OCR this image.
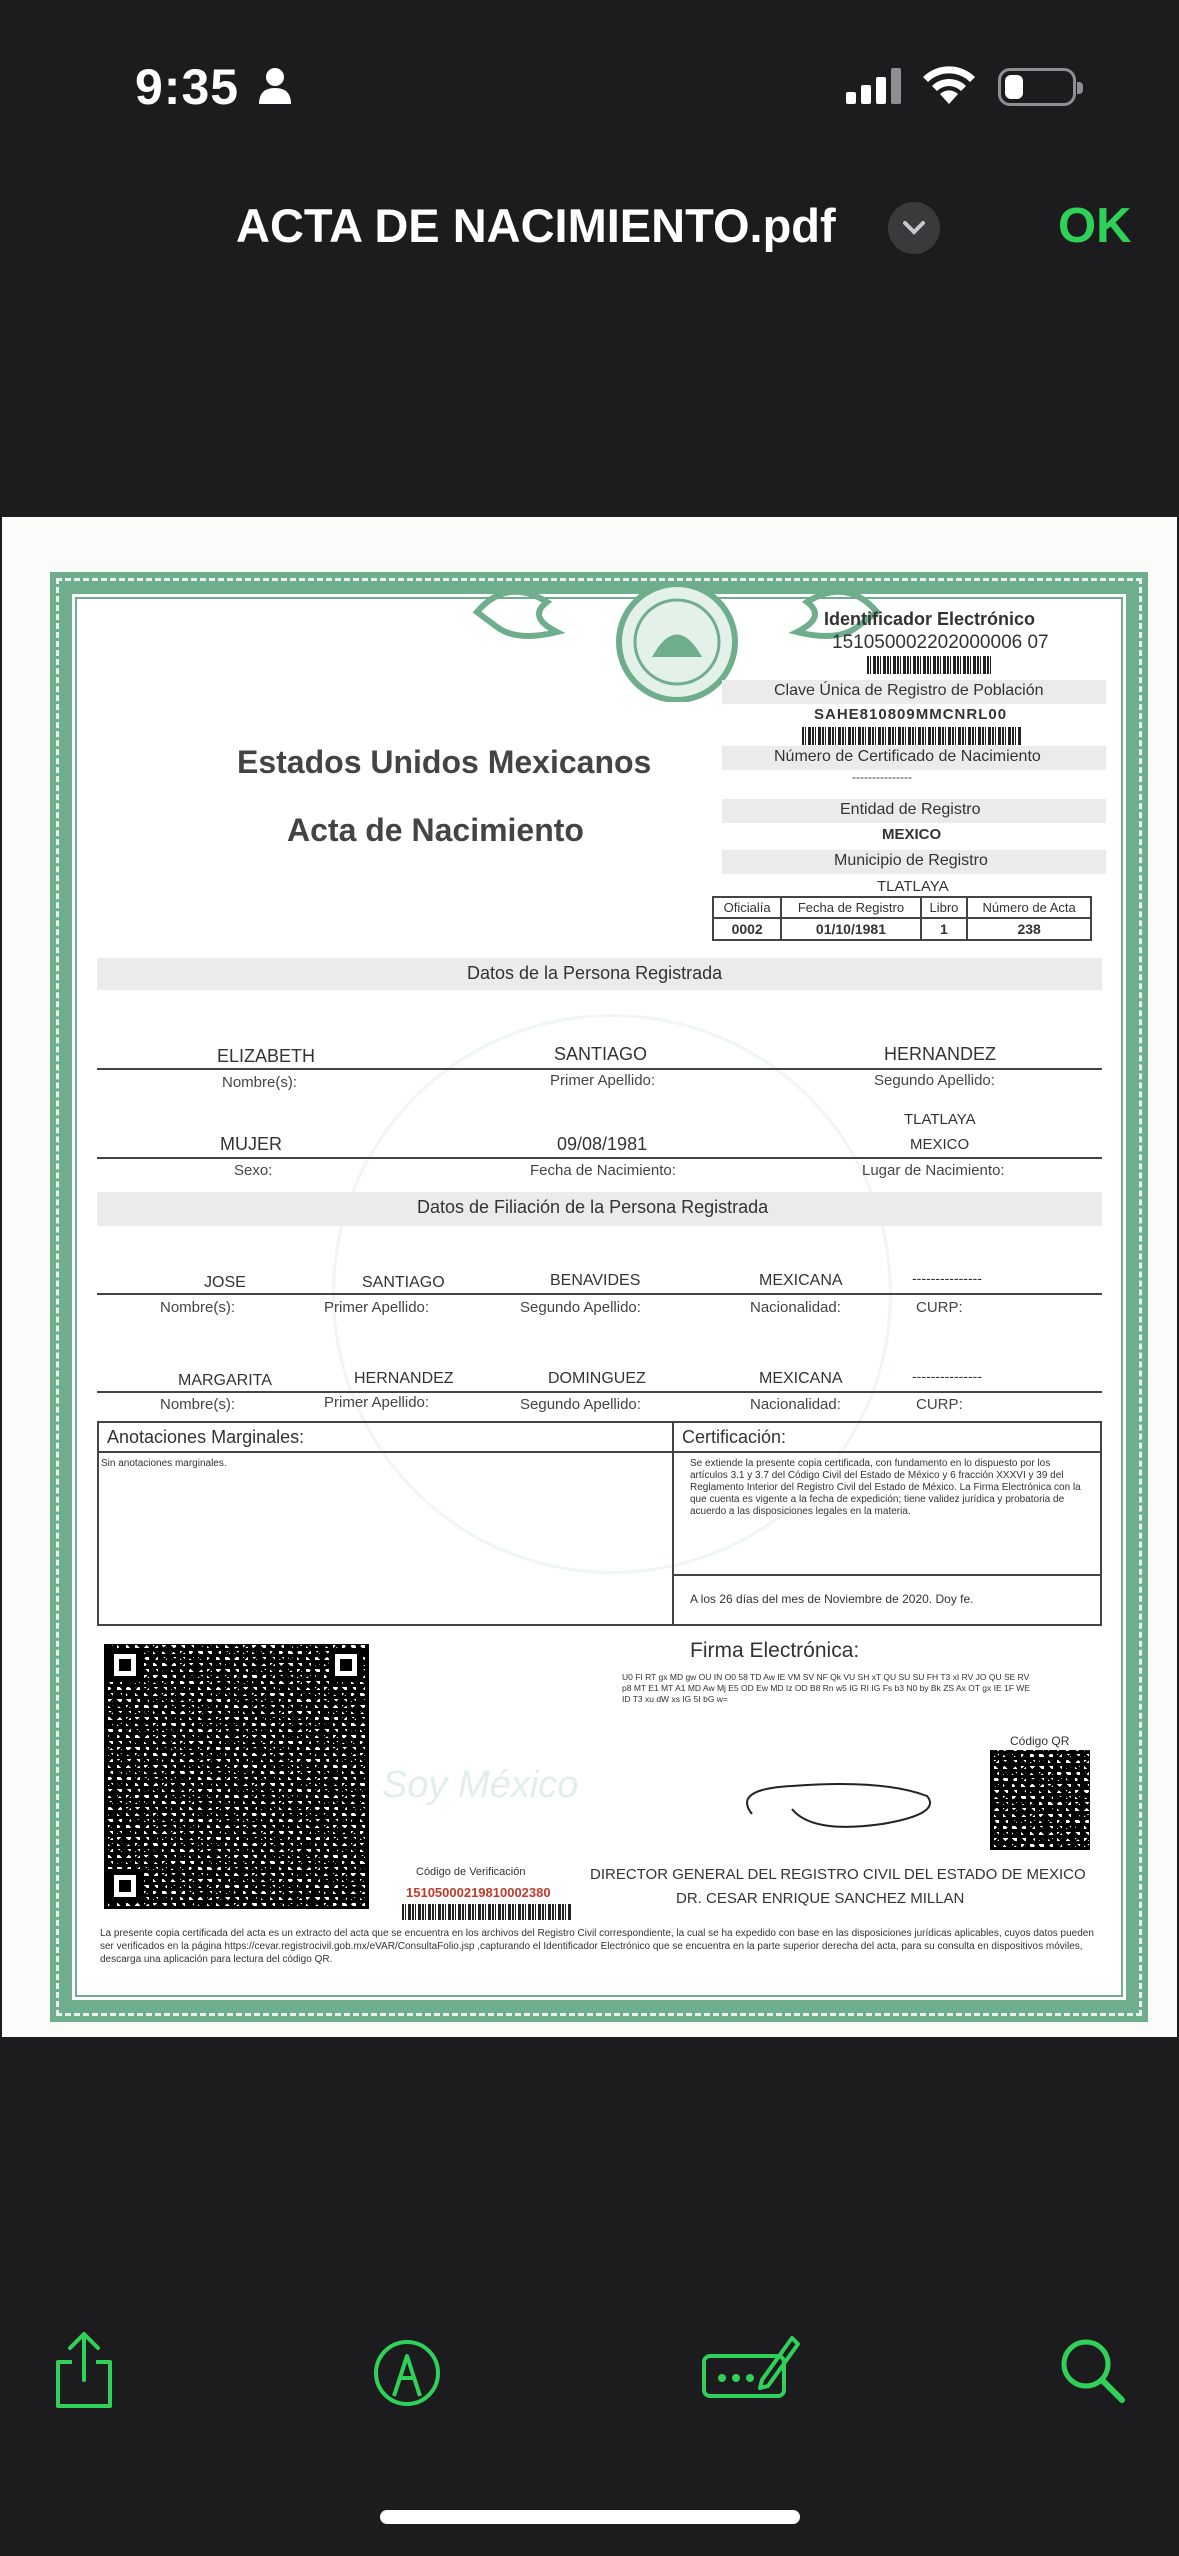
9:35
ACTA DE NACIMIENTO.pdf	OK
Identificador Electrónico
151050002202000006 07
Clave Única de Registro de Población
SAHE810809MMCNRL00
Número de Certificado de Nacimiento
---------------
Estados Unidos Mexicanos
Acta de Nacimiento
Entidad de Registro
MEXICO
Municipio de Registro
TLATLAYA
Oficialía	Fecha de Registro	Libro	Número de Acta
0002	01/10/1981	1	238
Datos de la Persona Registrada
ELIZABETH	SANTIAGO	HERNANDEZ
Nombre(s):	Primer Apellido:	Segundo Apellido:
TLATLAYA
MUJER	09/08/1981	MEXICO
Sexo:	Fecha de Nacimiento:	Lugar de Nacimiento:
Datos de Filiación de la Persona Registrada
JOSE	SANTIAGO	BENAVIDES	MEXICANA	---------------
Nombre(s):	Primer Apellido:	Segundo Apellido:	Nacionalidad:	CURP:
MARGARITA	HERNANDEZ	DOMINGUEZ	MEXICANA	---------------
Nombre(s):	Primer Apellido:	Segundo Apellido:	Nacionalidad:	CURP:
Anotaciones Marginales:
Sin anotaciones marginales.
Certificación:
Se extiende la presente copia certificada, con fundamento en lo dispuesto por los artículos 3.1 y 3.7 del Código Civil del Estado de México y 6 fracción XXXVI y 39 del Reglamento Interior del Registro Civil del Estado de México. La Firma Electrónica con la que cuenta es vigente a la fecha de expedición; tiene validez jurídica y probatoria de acuerdo a las disposiciones legales en la materia.
A los 26 días del mes de Noviembre de 2020. Doy fe.
Firma Electrónica:
U0 FI RT gx MD gw OU IN O0 58 TD Aw IE VM SV NF Qk VU SH xT QU SU SU FH T3 xI RV JO QU SE RV p8 MT E1 MT A1 MD Aw Mj E5 OD Ew MD Iz OD B8 Rn w5 IG RI IG Fs b3 N0 by Bk ZS Ax OT gx IE 1F WE ID T3 xu dW xs IG 5I bG w=
Código QR
Soy México
Código de Verificación
15105000219810002380
DIRECTOR GENERAL DEL REGISTRO CIVIL DEL ESTADO DE MEXICO
DR. CESAR ENRIQUE SANCHEZ MILLAN
La presente copia certificada del acta es un extracto del acta que se encuentra en los archivos del Registro Civil correspondiente, la cual se ha expedido con base en las disposiciones jurídicas aplicables, cuyos datos pueden ser verificados en la página https://cevar.registrocivil.gob.mx/eVAR/ConsultaFolio.jsp ,capturando el Identificador Electrónico que se encuentra en la parte superior derecha del acta, para su consulta en dispositivos móviles, descarga una aplicación para lectura del código QR.
